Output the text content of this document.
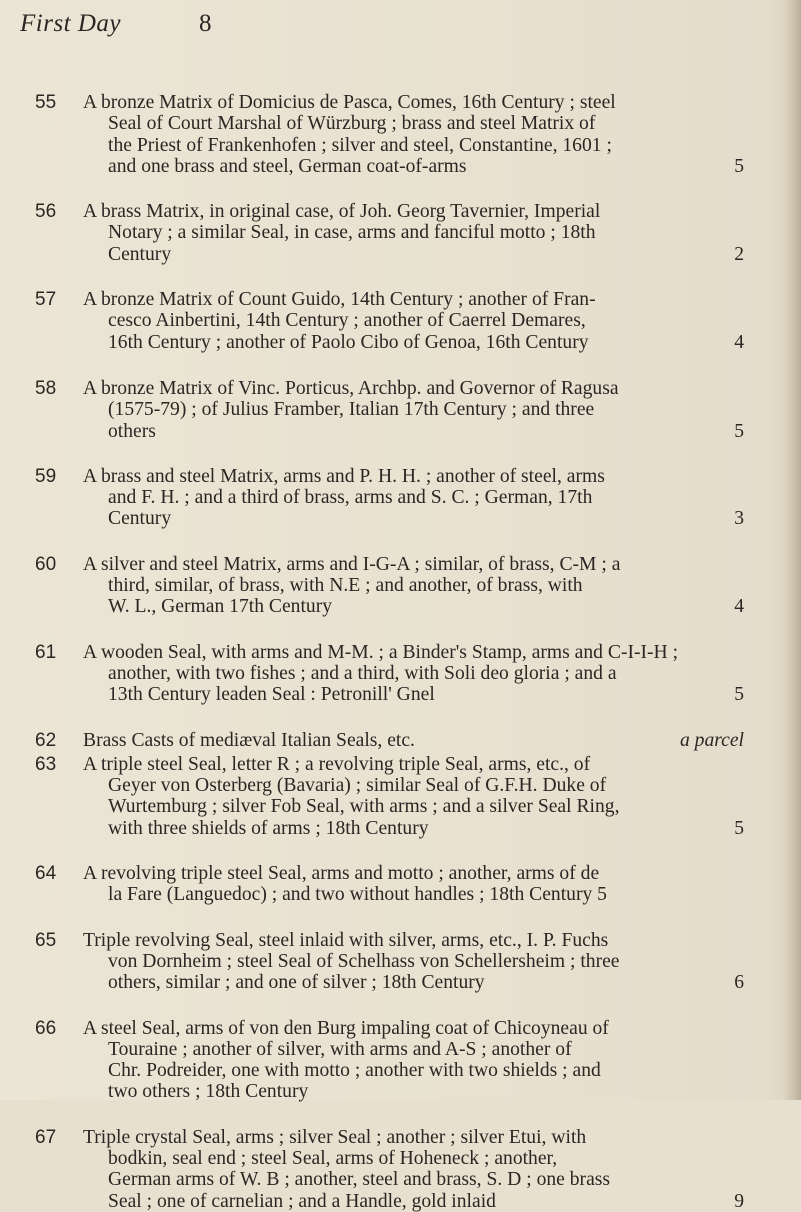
First Day	8
55 A bronze Matrix of Domicius de Pasca, Comes, 16th Century ; steel
Seal of Court Marshal of Würzburg ; brass and steel Matrix of
the Priest of Frankenhofen ; silver and steel, Constantine, 1601 ;
and one brass and steel, German coat-of-arms	5
56 A brass Matrix, in original case, of Joh. Georg Tavernier, Imperial
Notary ; a similar Seal, in case, arms and fanciful motto ; 18th
Century	2
57 A bronze Matrix of Count Guido, 14th Century ; another of Fran-
cesco Ainbertini, 14th Century ; another of Caerrel Demares,
16th Century ; another of Paolo Cibo of Genoa, 16th Century	4
58 A bronze Matrix of Vinc. Porticus, Archbp. and Governor of Ragusa
(1575-79) ; of Julius Framber, Italian 17th Century ; and three
others	5
59 A brass and steel Matrix, arms and P. H. H. ; another of steel, arms
and F. H. ; and a third of brass, arms and S. C. ; German, 17th
Century	3
60 A silver and steel Matrix, arms and I-G-A ; similar, of brass, C-M ; a
third, similar, of brass, with N.E ; and another, of brass, with
W. L., German 17th Century	4
61 A wooden Seal, with arms and M-M. ; a Binder's Stamp, arms and C-I-I-H ;
another, with two fishes ; and a third, with Soli deo gloria ; and a
13th Century leaden Seal : Petronill' Gnel	5
62 Brass Casts of mediæval Italian Seals, etc.	a parcel
63 A triple steel Seal, letter R ; a revolving triple Seal, arms, etc., of
Geyer von Osterberg (Bavaria) ; similar Seal of G.F.H. Duke of
Wurtemburg ; silver Fob Seal, with arms ; and a silver Seal Ring,
with three shields of arms ; 18th Century	5
64 A revolving triple steel Seal, arms and motto ; another, arms of de
la Fare (Languedoc) ; and two without handles ; 18th Century 5
65 Triple revolving Seal, steel inlaid with silver, arms, etc., I. P. Fuchs
von Dornheim ; steel Seal of Schelhass von Schellersheim ; three
others, similar ; and one of silver ; 18th Century	6
66 A steel Seal, arms of von den Burg impaling coat of Chicoyneau of
Touraine ; another of silver, with arms and A-S ; another of
Chr. Podreider, one with motto ; another with two shields ; and
two others ; 18th Century
67 Triple crystal Seal, arms ; silver Seal ; another ; silver Etui, with
bodkin, seal end ; steel Seal, arms of Hoheneck ; another,
German arms of W. B ; another, steel and brass, S. D ; one brass
Seal ; one of carnelian ; and a Handle, gold inlaid	9
